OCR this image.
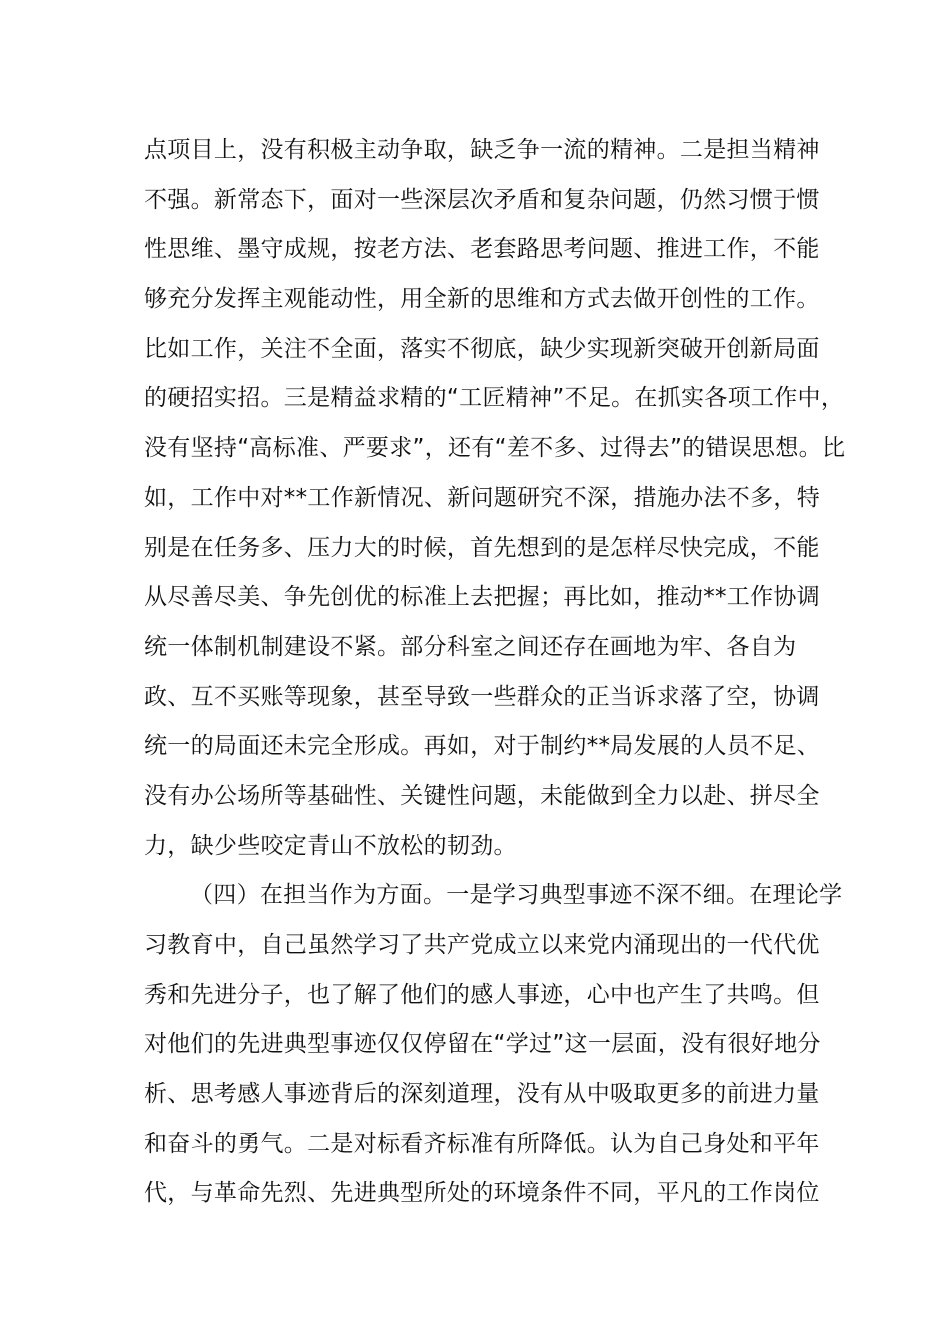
点项目上，没有积极主动争取，缺乏争一流的精神。二是担当精神
不强。新常态下，面对一些深层次矛盾和复杂问题，仍然习惯于惯
性思维、墨守成规，按老方法、老套路思考问题、推进工作，不能
够充分发挥主观能动性，用全新的思维和方式去做开创性的工作。
比如工作，关注不全面，落实不彻底，缺少实现新突破开创新局面
的硬招实招。三是精益求精的“工匠精神”不足。在抓实各项工作中，
没有坚持“高标准、严要求”，还有“差不多、过得去”的错误思想。比
如，工作中对**工作新情况、新问题研究不深，措施办法不多，特
别是在任务多、压力大的时候，首先想到的是怎样尽快完成，不能
从尽善尽美、争先创优的标准上去把握；再比如，推动**工作协调
统一体制机制建设不紧。部分科室之间还存在画地为牢、各自为
政、互不买账等现象，甚至导致一些群众的正当诉求落了空，协调
统一的局面还未完全形成。再如，对于制约**局发展的人员不足、
没有办公场所等基础性、关键性问题，未能做到全力以赴、拼尽全
力，缺少些咬定青山不放松的韧劲。
（四）在担当作为方面。一是学习典型事迹不深不细。在理论学
习教育中，自己虽然学习了共产党成立以来党内涌现出的一代代优
秀和先进分子，也了解了他们的感人事迹，心中也产生了共鸣。但
对他们的先进典型事迹仅仅停留在“学过”这一层面，没有很好地分
析、思考感人事迹背后的深刻道理，没有从中吸取更多的前进力量
和奋斗的勇气。二是对标看齐标准有所降低。认为自己身处和平年
代，与革命先烈、先进典型所处的环境条件不同，平凡的工作岗位
